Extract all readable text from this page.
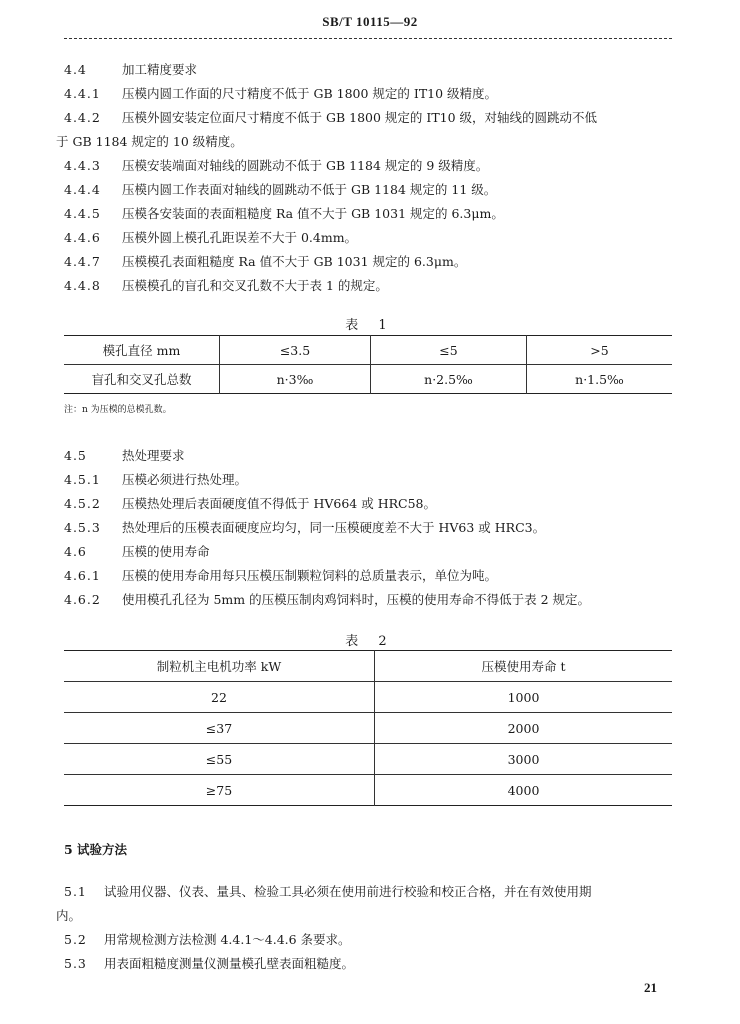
SB/T 10115—92
4.4	加工精度要求
4.4.1 压模内圆工作面的尺寸精度不低于 GB 1800 规定的 IT10 级精度。
4.4.2 压模外圆安装定位面尺寸精度不低于 GB 1800 规定的 IT10 级，对轴线的圆跳动不低
于 GB 1184 规定的 10 级精度。
4.4.3 压模安装端面对轴线的圆跳动不低于 GB 1184 规定的 9 级精度。
4.4.4 压模内圆工作表面对轴线的圆跳动不低于 GB 1184 规定的 11 级。
4.4.5 压模各安装面的表面粗糙度 Ra 值不大于 GB 1031 规定的 6.3μm。
4.4.6 压模外圆上模孔孔距误差不大于 0.4mm。
4.4.7 压模模孔表面粗糙度 Ra 值不大于 GB 1031 规定的 6.3μm。
4.4.8 压模模孔的盲孔和交叉孔数不大于表 1 的规定。
表 1
模孔直径 mm	≤3.5	≤5	>5
盲孔和交叉孔总数	n·3‰	n·2.5‰	n·1.5‰
注：n 为压模的总模孔数。
4.5	热处理要求
4.5.1 压模必须进行热处理。
4.5.2 压模热处理后表面硬度值不得低于 HV664 或 HRC58。
4.5.3 热处理后的压模表面硬度应均匀，同一压模硬度差不大于 HV63 或 HRC3。
4.6	压模的使用寿命
4.6.1 压模的使用寿命用每只压模压制颗粒饲料的总质量表示，单位为吨。
4.6.2 使用模孔孔径为 5mm 的压模压制肉鸡饲料时，压模的使用寿命不得低于表 2 规定。
表 2
制粒机主电机功率 kW	压模使用寿命 t
22	1000
≤37	2000
≤55	3000
≥75	4000
5 试验方法
5.1 试验用仪器、仪表、量具、检验工具必须在使用前进行校验和校正合格，并在有效使用期
内。
5.2 用常规检测方法检测 4.4.1～4.4.6 条要求。
5.3 用表面粗糙度测量仪测量模孔壁表面粗糙度。
21
